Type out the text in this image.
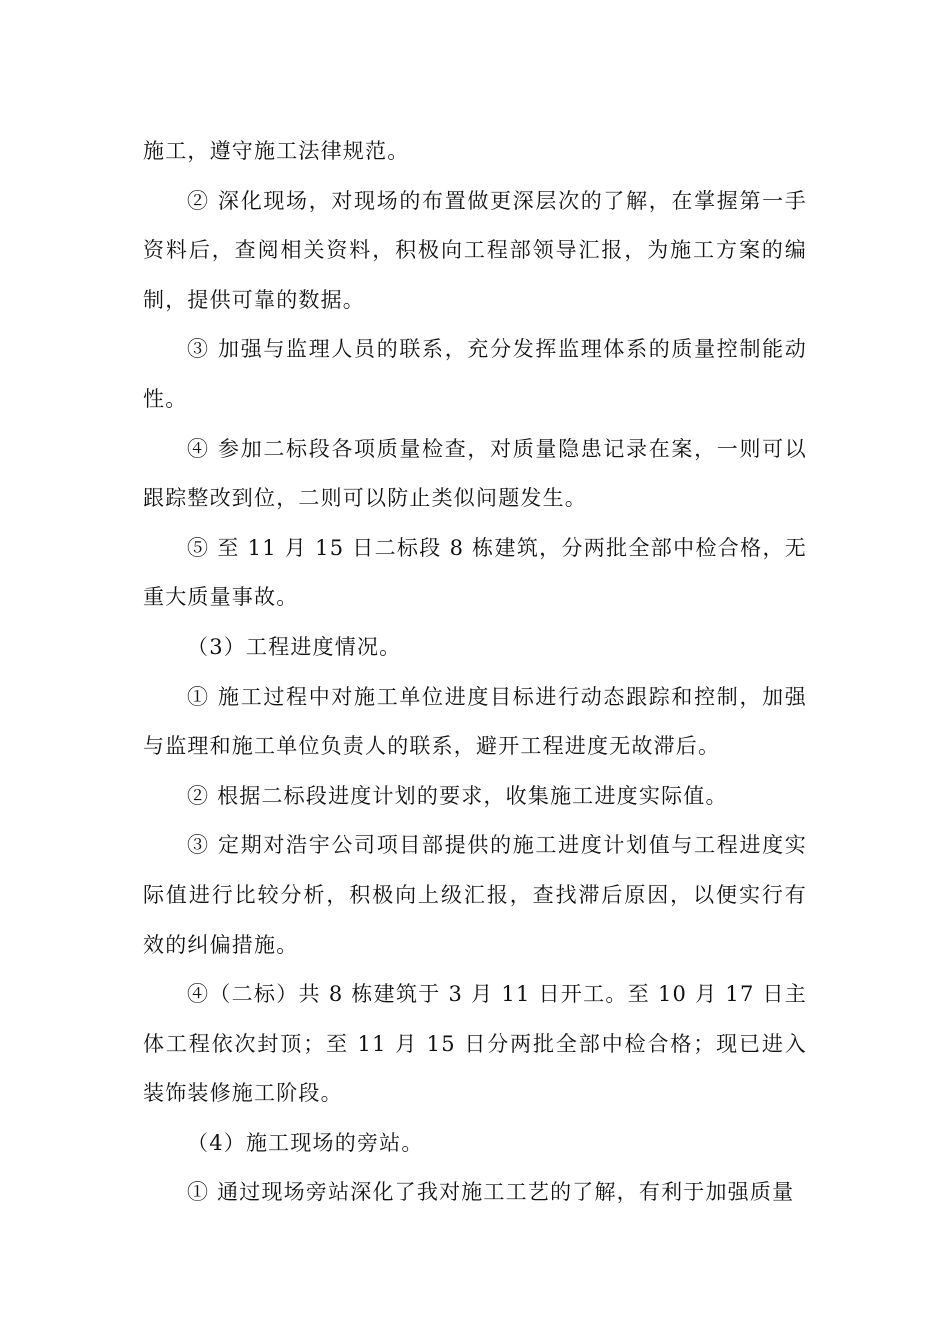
施工，遵守施工法律规范。

② 深化现场，对现场的布置做更深层次的了解，在掌握第一手资料后，查阅相关资料，积极向工程部领导汇报，为施工方案的编制，提供可靠的数据。

③ 加强与监理人员的联系，充分发挥监理体系的质量控制能动性。

④ 参加二标段各项质量检查，对质量隐患记录在案，一则可以跟踪整改到位，二则可以防止类似问题发生。

⑤ 至 11 月 15 日二标段 8 栋建筑，分两批全部中检合格，无重大质量事故。

（3）工程进度情况。

① 施工过程中对施工单位进度目标进行动态跟踪和控制，加强与监理和施工单位负责人的联系，避开工程进度无故滞后。

② 根据二标段进度计划的要求，收集施工进度实际值。

③ 定期对浩宇公司项目部提供的施工进度计划值与工程进度实际值进行比较分析，积极向上级汇报，查找滞后原因，以便实行有效的纠偏措施。

④（二标）共 8 栋建筑于 3 月 11 日开工。至 10 月 17 日主体工程依次封顶；至 11 月 15 日分两批全部中检合格；现已进入装饰装修施工阶段。

（4）施工现场的旁站。

① 通过现场旁站深化了我对施工工艺的了解，有利于加强质量
